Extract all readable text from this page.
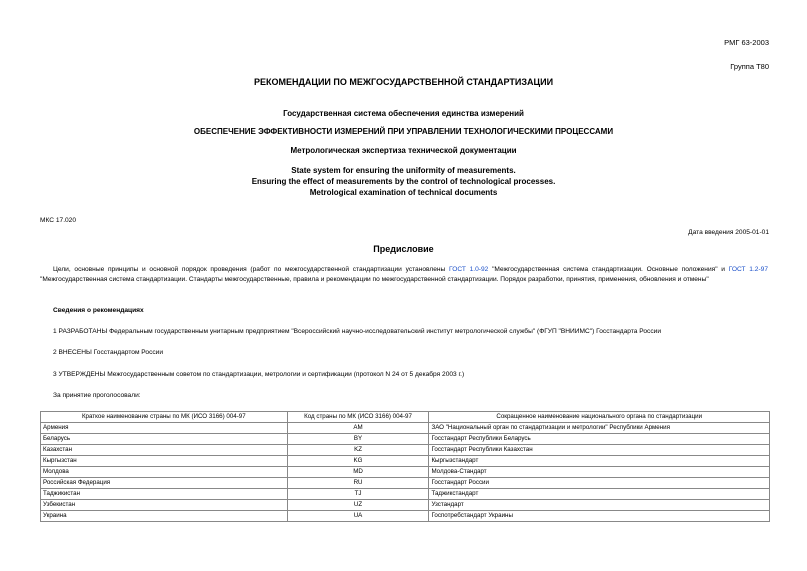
РМГ 63-2003
Группа Т80
РЕКОМЕНДАЦИИ ПО МЕЖГОСУДАРСТВЕННОЙ СТАНДАРТИЗАЦИИ
Государственная система обеспечения единства измерений
ОБЕСПЕЧЕНИЕ ЭФФЕКТИВНОСТИ ИЗМЕРЕНИЙ ПРИ УПРАВЛЕНИИ ТЕХНОЛОГИЧЕСКИМИ ПРОЦЕССАМИ
Метрологическая экспертиза технической документации
State system for ensuring the uniformity of measurements.
Ensuring the effect of measurements by the control of technological processes.
Metrological examination of technical documents
МКС 17.020
Дата введения 2005-01-01
Предисловие
Цели, основные принципы и основной порядок проведения (работ по межгосударственной стандартизации установлены ГОСТ 1.0-92 "Межгосударственная система стандартизации. Основные положения" и ГОСТ 1.2-97 "Межгосударственная система стандартизации. Стандарты межгосударственные, правила и рекомендации по межгосударственной стандартизации. Порядок разработки, принятия, применения, обновления и отмены"
Сведения о рекомендациях
1 РАЗРАБОТАНЫ Федеральным государственным унитарным предприятием "Всероссийский научно-исследовательский институт метрологической службы" (ФГУП "ВНИИМС") Госстандарта России
2 ВНЕСЕНЫ Госстандартом России
3 УТВЕРЖДЕНЫ Межгосударственным советом по стандартизации, метрологии и сертификации (протокол N 24 от 5 декабря 2003 г.)
За принятие проголосовали:
Краткое наименование страны по МК (ИСО 3166) 004-97	Код страны по МК (ИСО 3166) 004-97	Сокращенное наименование национального органа по стандартизации
Армения	AM	ЗАО "Национальный орган по стандартизации и метрологии" Республики Армения
Беларусь	BY	Госстандарт Республики Беларусь
Казахстан	KZ	Госстандарт Республики Казахстан
Кыргызстан	KG	Кыргызстандарт
Молдова	MD	Молдова-Стандарт
Российская Федерация	RU	Госстандарт России
Таджикистан	TJ	Таджикстандарт
Узбекистан	UZ	Узстандарт
Украина	UA	Госпотребстандарт Украины
